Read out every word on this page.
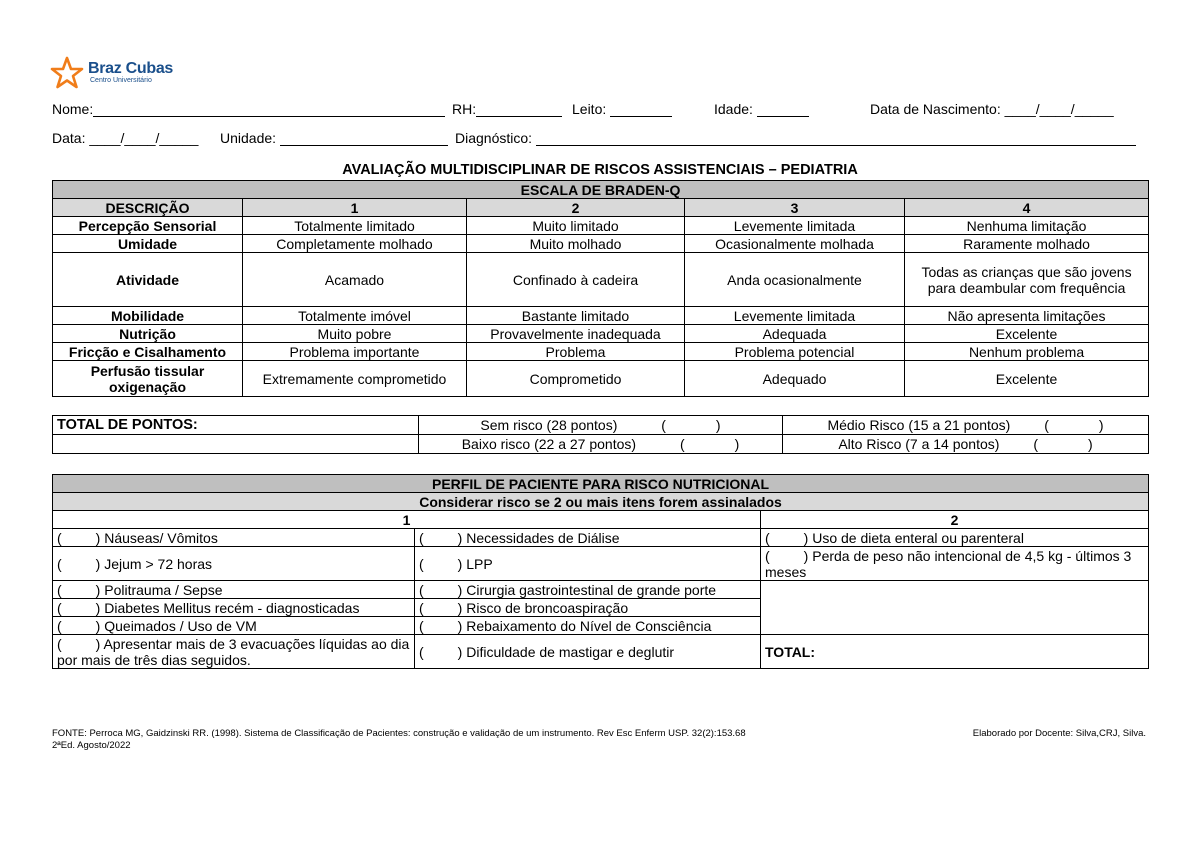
Braz Cubas
Centro Universitário
Nome:	RH:	Leito:	Idade:	Data de Nascimento: ____/____/_____
Data: ____/____/_____ Unidade:	Diagnóstico:
AVALIAÇÃO MULTIDISCIPLINAR DE RISCOS ASSISTENCIAIS – PEDIATRIA
ESCALA DE BRADEN-Q				
DESCRIÇÃO	1	2	3	4
Percepção Sensorial	Totalmente limitado	Muito limitado	Levemente limitada	Nenhuma limitação
Umidade	Completamente molhado	Muito molhado	Ocasionalmente molhada	Raramente molhado
Atividade	Acamado	Confinado à cadeira	Anda ocasionalmente	Todas as crianças que são jovens para deambular com frequência
Mobilidade	Totalmente imóvel	Bastante limitado	Levemente limitada	Não apresenta limitações
Nutrição	Muito pobre	Provavelmente inadequada	Adequada	Excelente
Fricção e Cisalhamento	Problema importante	Problema	Problema potencial	Nenhum problema
Perfusão tissular oxigenação	Extremamente comprometido	Comprometido	Adequado	Excelente
TOTAL DE PONTOS:	Sem risco (28 pontos) ( )	Médio Risco (15 a 21 pontos) ( )
	Baixo risco (22 a 27 pontos) ( )	Alto Risco (7 a 14 pontos) ( )
PERFIL DE PACIENTE PARA RISCO NUTRICIONAL		
Considerar risco se 2 ou mais itens forem assinalados		
1		2
( ) Náuseas/ Vômitos	( ) Necessidades de Diálise	( ) Uso de dieta enteral ou parenteral
( ) Jejum > 72 horas	( ) LPP	( ) Perda de peso não intencional de 4,5 kg - últimos 3 meses
( ) Politrauma / Sepse	( ) Cirurgia gastrointestinal de grande porte	
( ) Diabetes Mellitus recém - diagnosticadas	( ) Risco de broncoaspiração	
( ) Queimados / Uso de VM	( ) Rebaixamento do Nível de Consciência	
( ) Apresentar mais de 3 evacuações líquidas ao dia por mais de três dias seguidos.	( ) Dificuldade de mastigar e deglutir	TOTAL:
FONTE: Perroca MG, Gaidzinski RR. (1998). Sistema de Classificação de Pacientes: construção e validação de um instrumento. Rev Esc Enferm USP. 32(2):153.68
2ªEd. Agosto/2022
Elaborado por Docente: Silva,CRJ, Silva.
